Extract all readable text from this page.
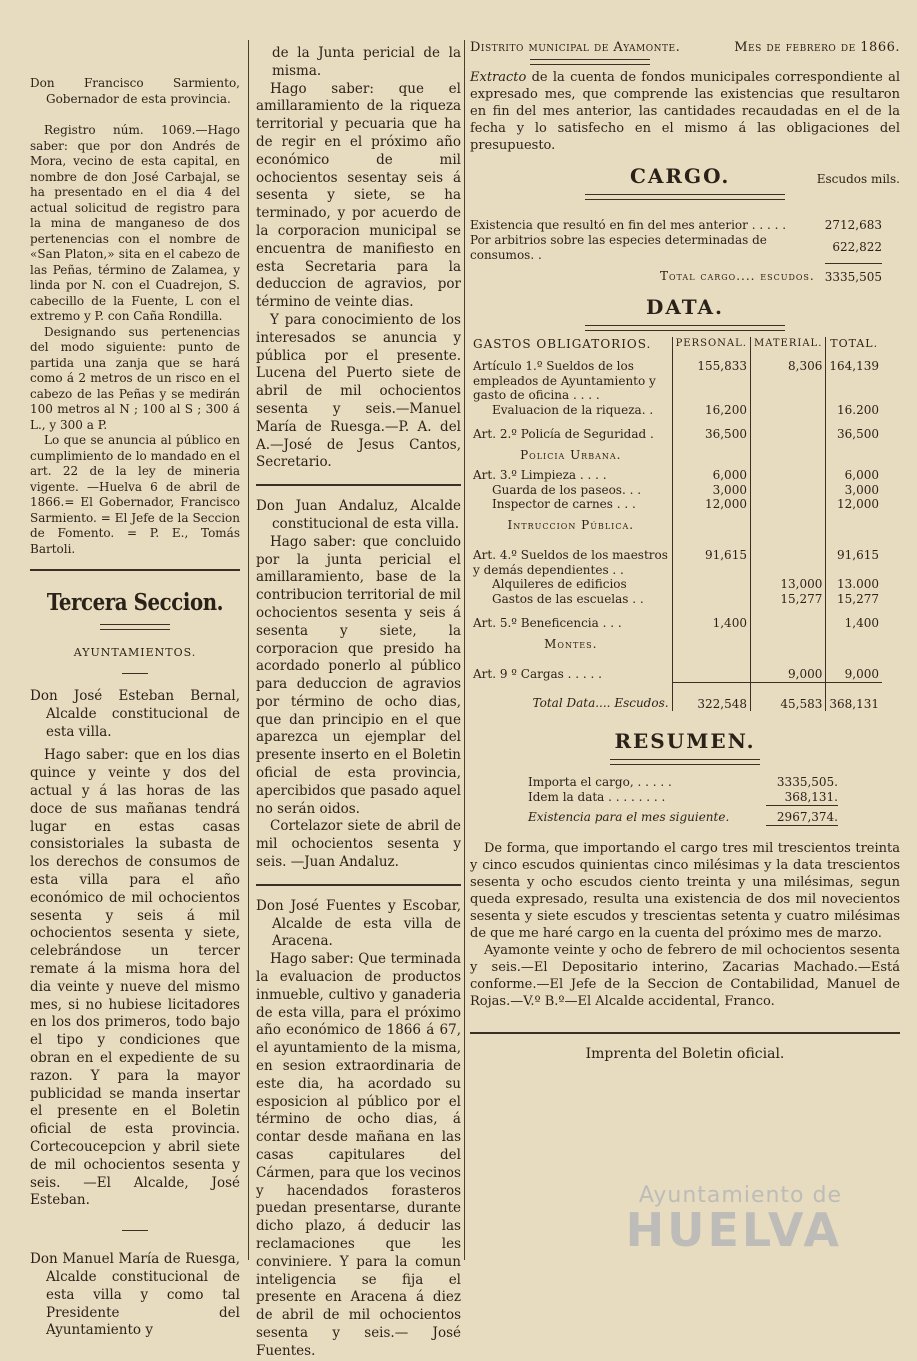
Don Francisco Sarmiento, Gobernador de esta provincia.

Registro núm. 1069.—Hago saber: que por don Andrés de Mora, vecino de esta capital, en nombre de don José Carbajal, se ha presentado en el dia 4 del actual solicitud de registro para la mina de manganeso de dos pertenencias con el nombre de «San Platon,» sita en el cabezo de las Peñas, término de Zalamea, y linda por N. con el Cuadrejon, S. cabecillo de la Fuente, L con el extremo y P. con Caña Rondilla.

Designando sus pertenencias del modo siguiente: punto de partida una zanja que se hará como á 2 metros de un risco en el cabezo de las Peñas y se medirán 100 metros al N ; 100 al S ; 300 á L., y 300 a P.

Lo que se anuncia al público en cumplimiento de lo mandado en el art. 22 de la ley de mineria vigente. —Huelva 6 de abril de 1866.= El Gobernador, Francisco Sarmiento. = El Jefe de la Seccion de Fomento. = P. E., Tomás Bartoli.

Tercera Seccion.

AYUNTAMIENTOS.

Don José Esteban Bernal, Alcalde constitucional de esta villa.

Hago saber: que en los dias quince y veinte y dos del actual y á las horas de las doce de sus mañanas tendrá lugar en estas casas consistoriales la subasta de los derechos de consumos de esta villa para el año económico de mil ochocientos sesenta y seis á mil ochocientos sesenta y siete, celebrándose un tercer remate á la misma hora del dia veinte y nueve del mismo mes, si no hubiese licitadores en los dos primeros, todo bajo el tipo y condiciones que obran en el expediente de su razon. Y para la mayor publicidad se manda insertar el presente en el Boletin oficial de esta provincia. Cortecoucepcion y abril siete de mil ochocientos sesenta y seis. —El Alcalde, José Esteban.

Don Manuel María de Ruesga, Alcalde constitucional de esta villa y como tal Presidente del Ayuntamiento y

de la Junta pericial de la misma.

Hago saber: que el amillaramiento de la riqueza territorial y pecuaria que ha de regir en el próximo año económico de mil ochocientos sesentay seis á sesenta y siete, se ha terminado, y por acuerdo de la corporacion municipal se encuentra de manifiesto en esta Secretaria para la deduccion de agravios, por término de veinte dias.

Y para conocimiento de los interesados se anuncia y pública por el presente. Lucena del Puerto siete de abril de mil ochocientos sesenta y seis.—Manuel María de Ruesga.—P. A. del A.—José de Jesus Cantos, Secretario.

Don Juan Andaluz, Alcalde constitucional de esta villa.

Hago saber: que concluido por la junta pericial el amillaramiento, base de la contribucion territorial de mil ochocientos sesenta y seis á sesenta y siete, la corporacion que presido ha acordado ponerlo al público para deduccion de agravios por término de ocho dias, que dan principio en el que aparezca un ejemplar del presente inserto en el Boletin oficial de esta provincia, apercibidos que pasado aquel no serán oidos.

Cortelazor siete de abril de mil ochocientos sesenta y seis. —Juan Andaluz.

Don José Fuentes y Escobar, Alcalde de esta villa de Aracena.

Hago saber: Que terminada la evaluacion de productos inmueble, cultivo y ganaderia de esta villa, para el próximo año económico de 1866 á 67, el ayuntamiento de la misma, en sesion extraordinaria de este dia, ha acordado su esposicion al público por el término de ocho dias, á contar desde mañana en las casas capitulares del Cármen, para que los vecinos y hacendados forasteros puedan presentarse, durante dicho plazo, á deducir las reclamaciones que les conviniere. Y para la comun inteligencia se fija el presente en Aracena á diez de abril de mil ochocientos sesenta y seis.— José Fuentes.

Distrito municipal de Ayamonte.	Mes de febrero de 1866.

Extracto de la cuenta de fondos municipales correspondiente al expresado mes, que comprende las existencias que resultaron en fin del mes anterior, las cantidades recaudadas en el de la fecha y lo satisfecho en el mismo á las obligaciones del presupuesto.

CARGO.	Escudos mils.
Existencia que resultó en fin del mes anterior . . . . .	2712,683
Por arbitrios sobre las especies determinadas de consumos. .	622,822
Total cargo.... escudos.	3335,505
DATA.
GASTOS OBLIGATORIOS.	PERSONAL.	MATERIAL.	TOTAL.
Artículo 1.º Sueldos de los empleados de Ayuntamiento y gasto de oficina . . . .	155,833	8,306	164,139
Evaluacion de la riqueza. .	16,200		16.200
Art. 2.º Policía de Seguridad .	36,500		36,500
Policia Urbana.			
Art. 3.º Limpieza . . . .	6,000		6,000
Guarda de los paseos. . .	3,000		3,000
Inspector de carnes . . .	12,000		12,000
Intruccion Pública.			
Art. 4.º Sueldos de los maestros y demás dependientes . .	91,615		91,615
Alquileres de edificios		13,000	13.000
Gastos de las escuelas . .		15,277	15,277
Art. 5.º Beneficencia . . .	1,400		1,400
Montes.			
Art. 9 º Cargas . . . . .		9,000	9,000
Total Data.... Escudos.	322,548	45,583	368,131
RESUMEN.
Importa el cargo, . . . . .	3335,505.
Idem la data . . . . . . . .	368,131.
Existencia para el mes siguiente.	2967,374.

De forma, que importando el cargo tres mil trescientos treinta y cinco escudos quinientas cinco milésimas y la data trescientos sesenta y ocho escudos ciento treinta y una milésimas, segun queda expresado, resulta una existencia de dos mil novecientos sesenta y siete escudos y trescientas setenta y cuatro milésimas de que me haré cargo en la cuenta del próximo mes de marzo.

Ayamonte veinte y ocho de febrero de mil ochocientos sesenta y seis.—El Depositario interino, Zacarias Machado.—Está conforme.—El Jefe de la Seccion de Contabilidad, Manuel de Rojas.—V.º B.º—El Alcalde accidental, Franco.

Imprenta del Boletin oficial.

Ayuntamiento de
HUELVA
